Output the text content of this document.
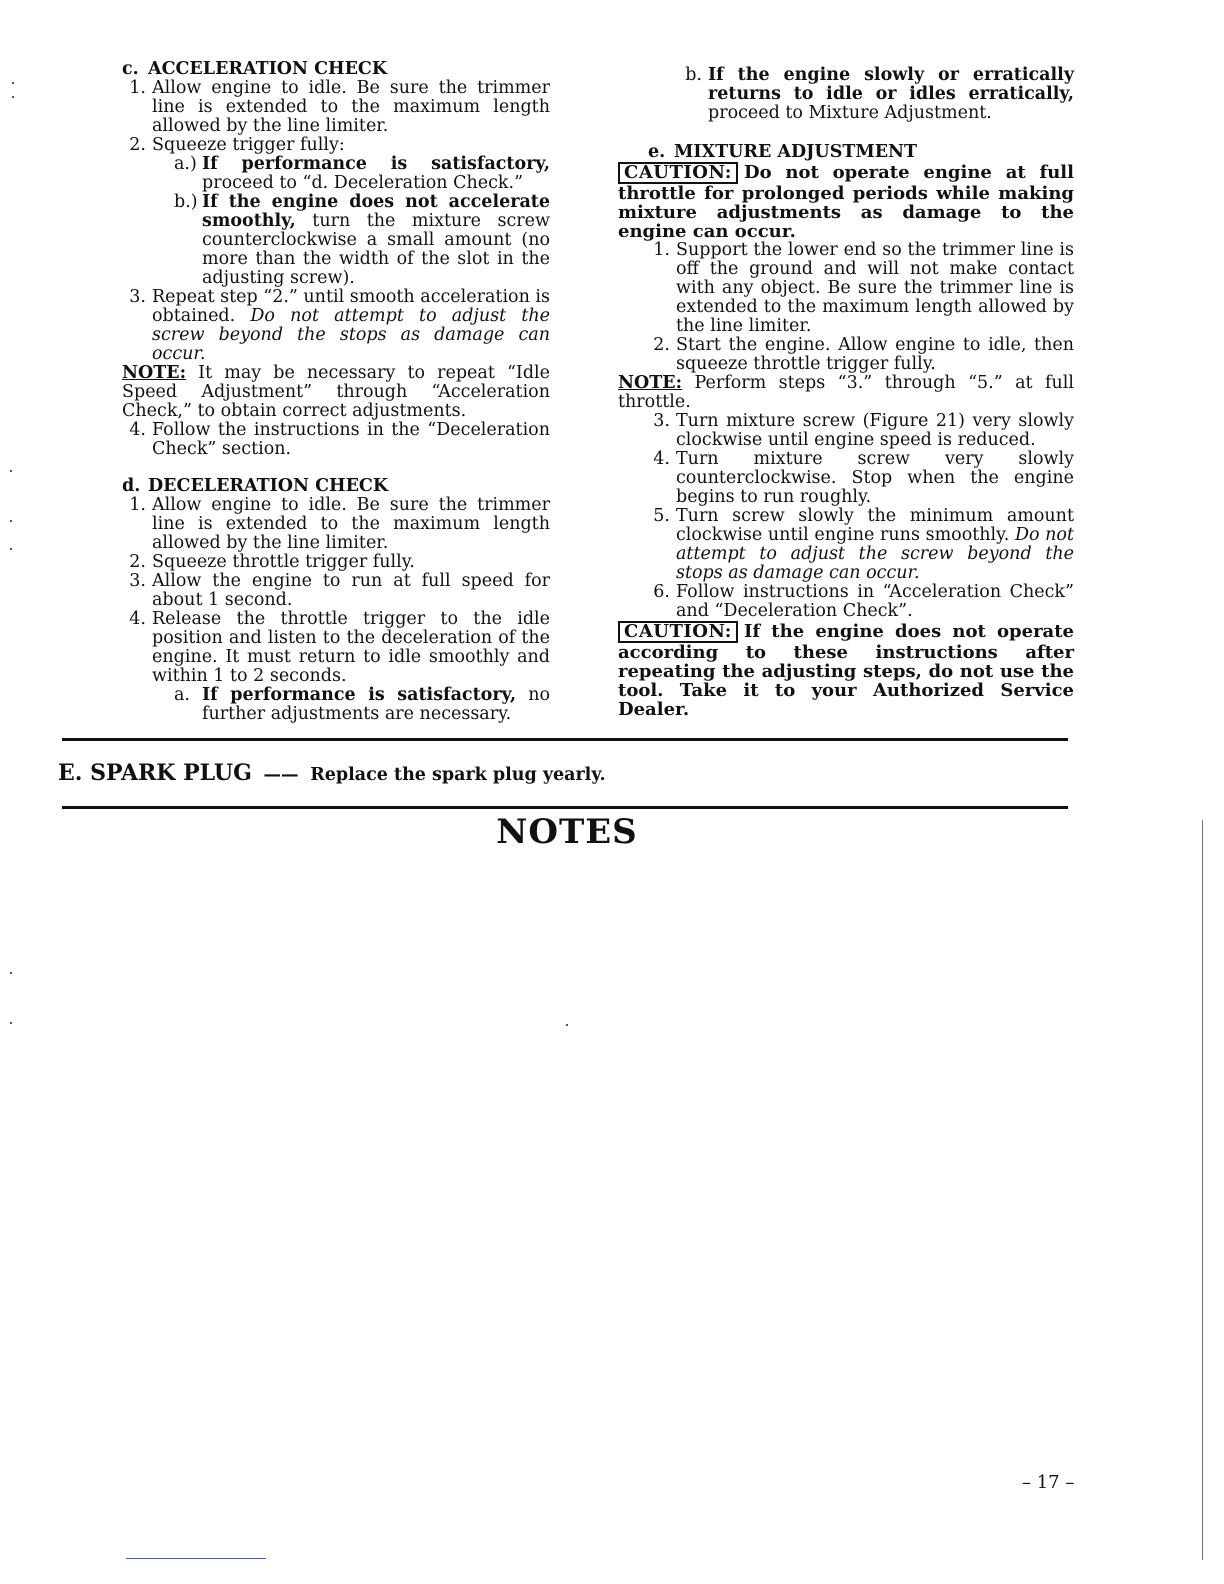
c. ACCELERATION CHECK

1. Allow engine to idle. Be sure the trimmer line is extended to the maximum length allowed by the line limiter.
2. Squeeze trigger fully:
a.) If performance is satisfactory, proceed to “d. Deceleration Check.”
b.) If the engine does not accelerate smoothly, turn the mixture screw counterclockwise a small amount (no more than the width of the slot in the adjusting screw).
3. Repeat step “2.” until smooth acceleration is obtained. Do not attempt to adjust the screw beyond the stops as damage can occur.

NOTE: It may be necessary to repeat “Idle Speed Adjustment” through “Acceleration Check,” to obtain correct adjustments.

4. Follow the instructions in the “Deceleration Check” section.

d. DECELERATION CHECK

1. Allow engine to idle. Be sure the trimmer line is extended to the maximum length allowed by the line limiter.
2. Squeeze throttle trigger fully.
3. Allow the engine to run at full speed for about 1 second.
4. Release the throttle trigger to the idle position and listen to the deceleration of the engine. It must return to idle smoothly and within 1 to 2 seconds.
a. If performance is satisfactory, no further adjustments are necessary.
b. If the engine slowly or erratically returns to idle or idles erratically, proceed to Mixture Adjustment.

e. MIXTURE ADJUSTMENT

CAUTION: Do not operate engine at full throttle for prolonged periods while making mixture adjustments as damage to the engine can occur.
1. Support the lower end so the trimmer line is off the ground and will not make contact with any object. Be sure the trimmer line is extended to the maximum length allowed by the line limiter.
2. Start the engine. Allow engine to idle, then squeeze throttle trigger fully.

NOTE: Perform steps “3.” through “5.” at full throttle.

3. Turn mixture screw (Figure 21) very slowly clockwise until engine speed is reduced.
4. Turn mixture screw very slowly counterclockwise. Stop when the engine begins to run roughly.
5. Turn screw slowly the minimum amount clockwise until engine runs smoothly. Do not attempt to adjust the screw beyond the stops as damage can occur.
6. Follow instructions in “Acceleration Check” and “Deceleration Check”.
CAUTION: If the engine does not operate according to these instructions after repeating the adjusting steps, do not use the tool. Take it to your Authorized Service Dealer.
E. SPARK PLUG —— Replace the spark plug yearly.
NOTES
– 17 –
